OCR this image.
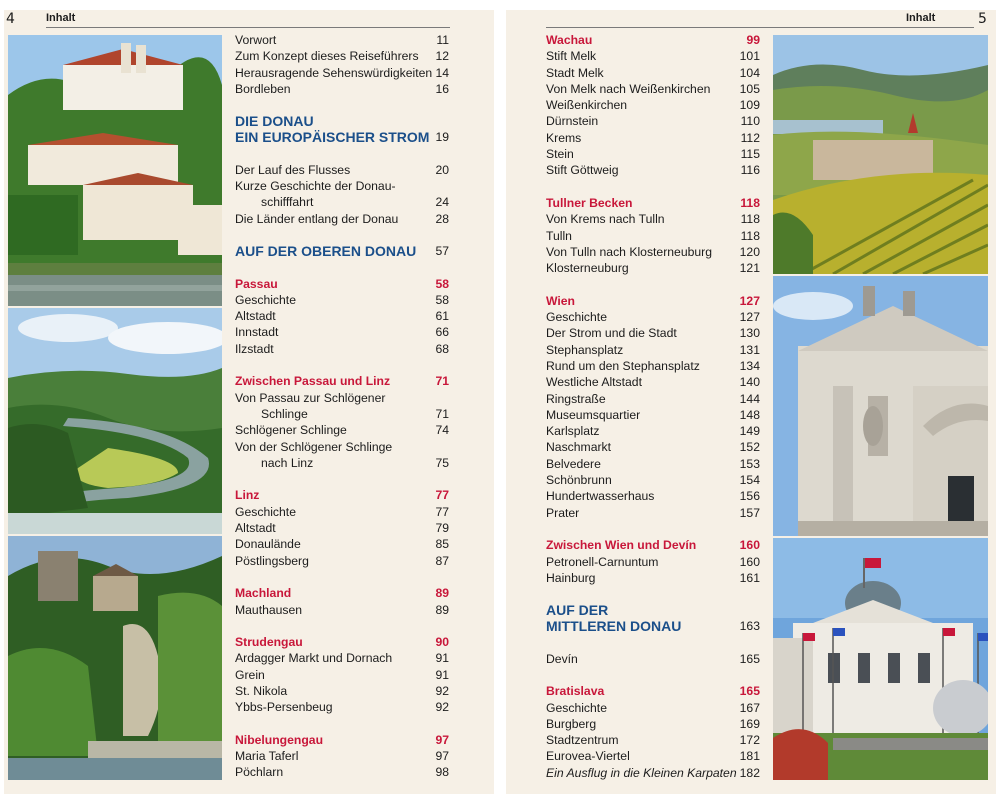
4	Inhalt
Vorwort	11
Zum Konzept dieses Reiseführers 12
Herausragende Sehenswürdigkeiten 14
Bordleben	16
DIE DONAU
EIN EUROPÄISCHER STROM 19
Der Lauf des Flusses	20
Kurze Geschichte der Donau-
schifffahrt	24
Die Länder entlang der Donau	28
AUF DER OBEREN DONAU	57
Passau	58
Geschichte	58
Altstadt	61
Innstadt	66
Ilzstadt	68
Zwischen Passau und Linz	71
Von Passau zur Schlögener
Schlinge	71
Schlögener Schlinge	74
Von der Schlögener Schlinge
nach Linz	75
Linz	77
Geschichte	77
Altstadt	79
Donaulände	85
Pöstlingsberg	87
Machland	89
Mauthausen	89
Strudengau	90
Ardagger Markt und Dornach	91
Grein	91
St. Nikola	92
Ybbs-Persenbeug	92
Nibelungengau	97
Maria Taferl	97
Pöchlarn	98
Inhalt	5
Wachau	99
Stift Melk	101
Stadt Melk	104
Von Melk nach Weißenkirchen 105
Weißenkirchen	109
Dürnstein	110
Krems	112
Stein	115
Stift Göttweig	116
Tullner Becken	118
Von Krems nach Tulln	118
Tulln	118
Von Tulln nach Klosterneuburg 120
Klosterneuburg	121
Wien	127
Geschichte	127
Der Strom und die Stadt	130
Stephansplatz	131
Rund um den Stephansplatz	134
Westliche Altstadt	140
Ringstraße	144
Museumsquartier	148
Karlsplatz	149
Naschmarkt	152
Belvedere	153
Schönbrunn	154
Hundertwasserhaus	156
Prater	157
Zwischen Wien und Devín	160
Petronell-Carnuntum	160
Hainburg	161
AUF DER
MITTLEREN DONAU	163
Devín	165
Bratislava	165
Geschichte	167
Burgberg	169
Stadtzentrum	172
Eurovea-Viertel	181
Ein Ausflug in die Kleinen Karpaten 182
